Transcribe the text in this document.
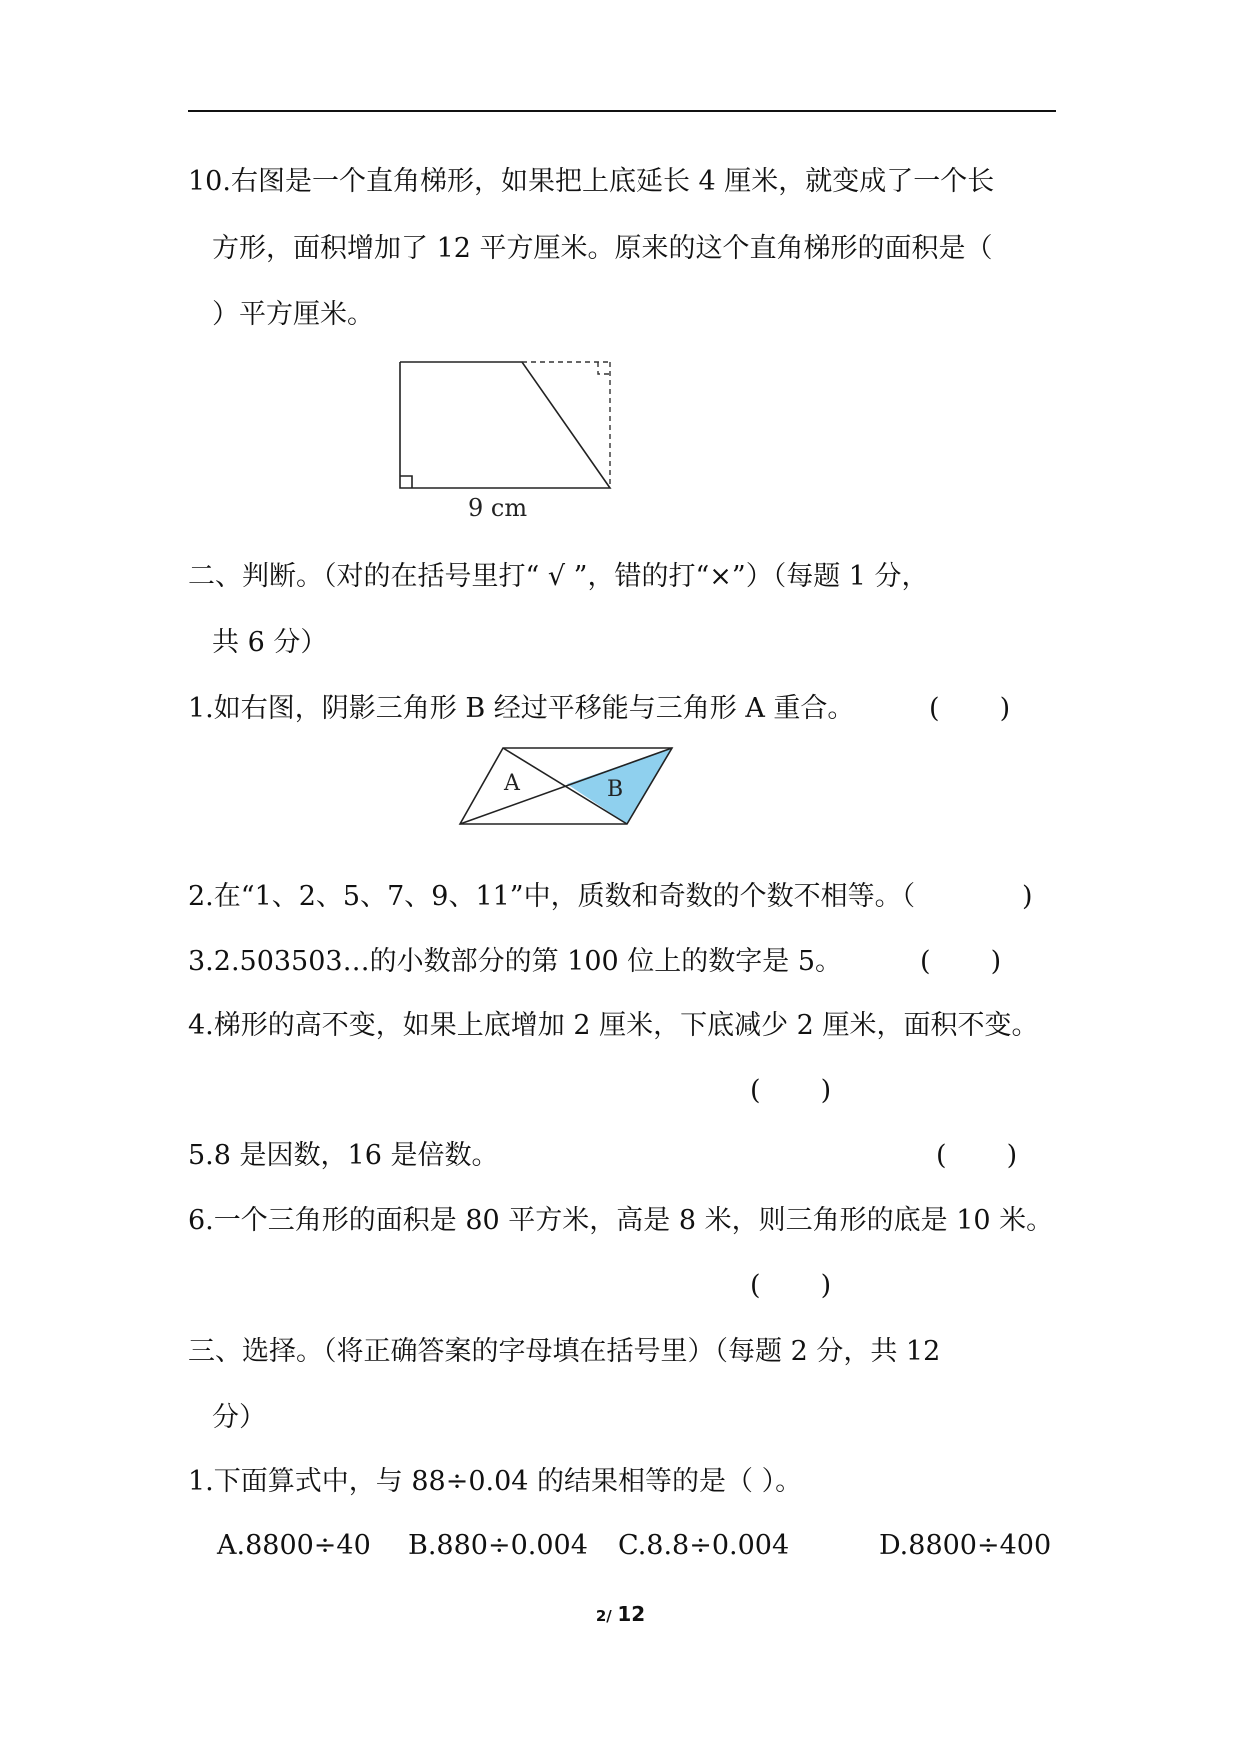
10.右图是一个直角梯形，如果把上底延长 4 厘米，就变成了一个长
方形，面积增加了 12 平方厘米。原来的这个直角梯形的面积是（
）平方厘米。
9 cm
二、判断。（对的在括号里打“ √ ”，错的打“×”）（每题 1 分，
共 6 分）
1.如右图，阴影三角形 B 经过平移能与三角形 A 重合。	(       )
A	B
2.在“1、2、5、7、9、11”中，质数和奇数的个数不相等。（	)
3.2.503503…的小数部分的第 100 位上的数字是 5。	(       )
4.梯形的高不变，如果上底增加 2 厘米，下底减少 2 厘米，面积不变。
(       )
5.8 是因数，16 是倍数。	(       )
6.一个三角形的面积是 80 平方米，高是 8 米，则三角形的底是 10 米。
(       )
三、选择。（将正确答案的字母填在括号里）（每题 2 分，共 12
分）
1.下面算式中，与 88÷0.04 的结果相等的是（ ）。
A.8800÷40 B.880÷0.004 C.8.8÷0.004	D.8800÷400
2/ 12
